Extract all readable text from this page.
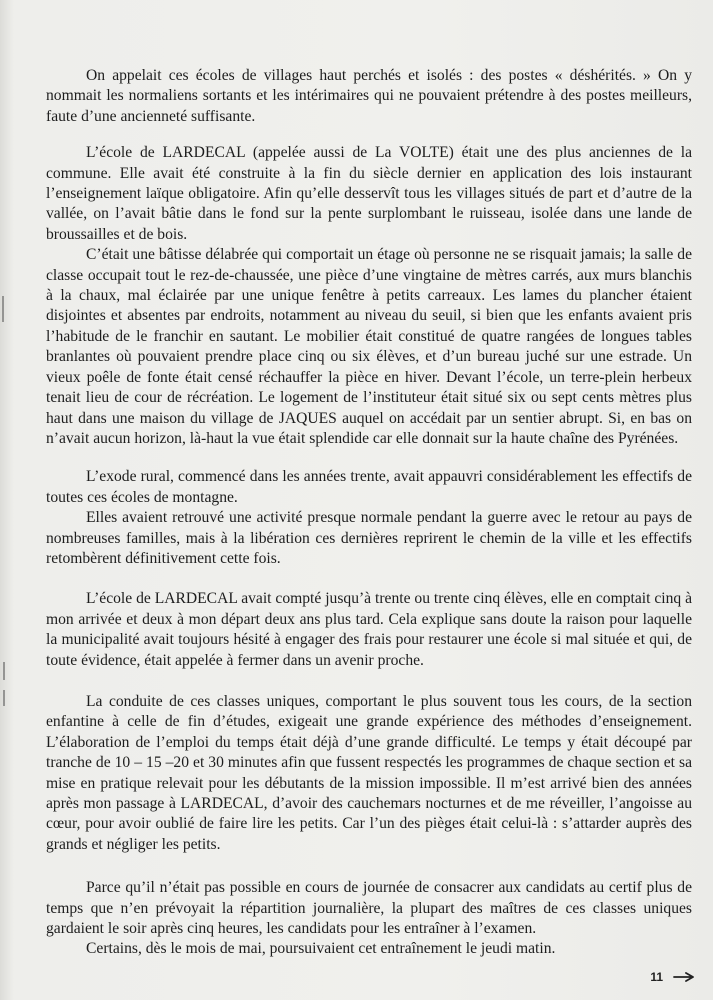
On appelait ces écoles de villages haut perchés et isolés : des postes « déshérités. » On y nommait les normaliens sortants et les intérimaires qui ne pouvaient prétendre à des postes meilleurs, faute d’une ancienneté suffisante.

L’école de LARDECAL (appelée aussi de La VOLTE) était une des plus anciennes de la commune. Elle avait été construite à la fin du siècle dernier en application des lois instaurant l’enseignement laïque obligatoire. Afin qu’elle desservît tous les villages situés de part et d’autre de la vallée, on l’avait bâtie dans le fond sur la pente surplombant le ruisseau, isolée dans une lande de broussailles et de bois.

C’était une bâtisse délabrée qui comportait un étage où personne ne se risquait jamais; la salle de classe occupait tout le rez-de-chaussée, une pièce d’une vingtaine de mètres carrés, aux murs blanchis à la chaux, mal éclairée par une unique fenêtre à petits carreaux. Les lames du plancher étaient disjointes et absentes par endroits, notamment au niveau du seuil, si bien que les enfants avaient pris l’habitude de le franchir en sautant. Le mobilier était constitué de quatre rangées de longues tables branlantes où pouvaient prendre place cinq ou six élèves, et d’un bureau juché sur une estrade. Un vieux poêle de fonte était censé réchauffer la pièce en hiver. Devant l’école, un terre-plein herbeux tenait lieu de cour de récréation. Le logement de l’instituteur était situé six ou sept cents mètres plus haut dans une maison du village de JAQUES auquel on accédait par un sentier abrupt. Si, en bas on n’avait aucun horizon, là-haut la vue était splendide car elle donnait sur la haute chaîne des Pyrénées.

L’exode rural, commencé dans les années trente, avait appauvri considérablement les effectifs de toutes ces écoles de montagne.

Elles avaient retrouvé une activité presque normale pendant la guerre avec le retour au pays de nombreuses familles, mais à la libération ces dernières reprirent le chemin de la ville et les effectifs retombèrent définitivement cette fois.

L’école de LARDECAL avait compté jusqu’à trente ou trente cinq élèves, elle en comptait cinq à mon arrivée et deux à mon départ deux ans plus tard. Cela explique sans doute la raison pour laquelle la municipalité avait toujours hésité à engager des frais pour restaurer une école si mal située et qui, de toute évidence, était appelée à fermer dans un avenir proche.

La conduite de ces classes uniques, comportant le plus souvent tous les cours, de la section enfantine à celle de fin d’études, exigeait une grande expérience des méthodes d’enseignement. L’élaboration de l’emploi du temps était déjà d’une grande difficulté. Le temps y était découpé par tranche de 10 – 15 –20 et 30 minutes afin que fussent respectés les programmes de chaque section et sa mise en pratique relevait pour les débutants de la mission impossible. Il m’est arrivé bien des années après mon passage à LARDECAL, d’avoir des cauchemars nocturnes et de me réveiller, l’angoisse au cœur, pour avoir oublié de faire lire les petits. Car l’un des pièges était celui-là : s’attarder auprès des grands et négliger les petits.

Parce qu’il n’était pas possible en cours de journée de consacrer aux candidats au certif plus de temps que n’en prévoyait la répartition journalière, la plupart des maîtres de ces classes uniques gardaient le soir après cinq heures, les candidats pour les entraîner à l’examen.

Certains, dès le mois de mai, poursuivaient cet entraînement le jeudi matin.

11
